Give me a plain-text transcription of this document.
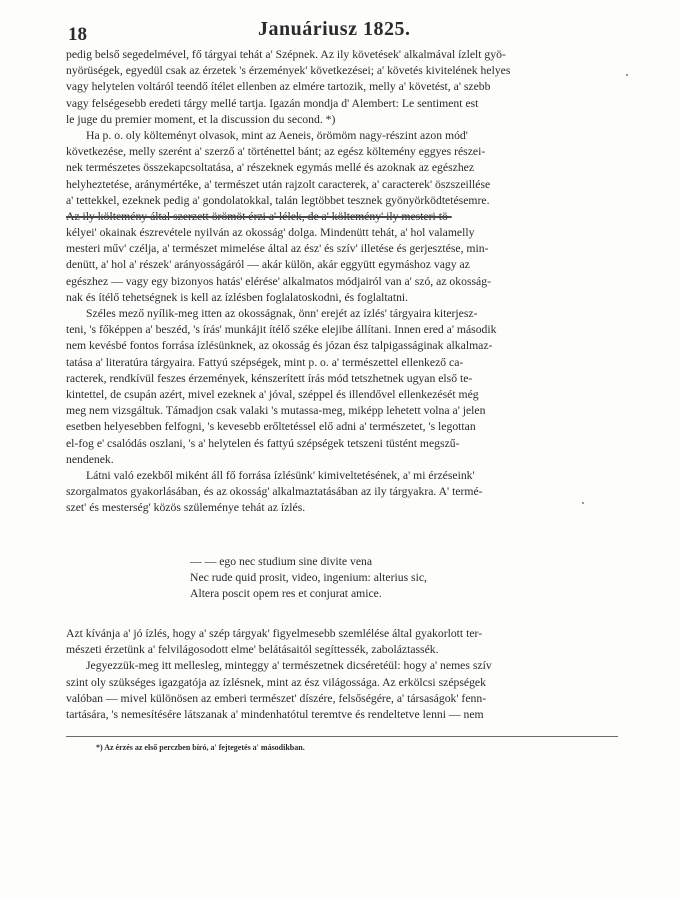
18	Januáriusz 1825.
pedig belső segedelmével, fő tárgyai tehát a' Szépnek. Az ily követések' alkalmával ízlelt gyö-
nyörüségek, egyedül csak az érzetek 's érzemények' következései; a' követés kivitelének helyes
vagy helytelen voltáról teendő ítélet ellenben az elmére tartozik, melly a' követést, a' szebb
vagy felségesebb eredeti tárgy mellé tartja. Igazán mondja d' Alembert: Le sentiment est
le juge du premier moment, et la discussion du second. *)
Ha p. o. oly költeményt olvasok, mint az Aeneis, örömöm nagy-részint azon mód'
következése, melly szerént a' szerző a' történettel bánt; az egész költemény eggyes részei-
nek természetes összekapcsoltatása, a' részeknek egymás mellé és azoknak az egészhez
helyheztetése, aránymértéke, a' természet után rajzolt caracterek, a' caracterek' öszszeillése
a' tettekkel, ezeknek pedig a' gondolatokkal, talán legtöbbet tesznek gyönyörködtetésemre.
Az ily költemény által szerzett örömöt érzi a' lélek, de a' költemény' ily mesteri tö-
kélyei' okainak észrevétele nyilván az okosság' dolga. Mindenütt tehát, a' hol valamelly
mesteri műv' czélja, a' természet mimelése által az ész' és szív' illetése és gerjesztése, min-
denütt, a' hol a' részek' arányosságáról — akár külön, akár eggyütt egymáshoz vagy az
egészhez — vagy egy bizonyos hatás' elérése' alkalmatos módjairól van a' szó, az okosság-
nak és ítélő tehetségnek is kell az ízlésben foglalatoskodni, és foglaltatni.
Széles mező nyílik-meg itten az okosságnak, önn' erejét az ízlés' tárgyaira kiterjesz-
teni, 's főképpen a' beszéd, 's írás' munkájit ítélő széke elejibe állítani. Innen ered a' második
nem kevésbé fontos forrása ízlésünknek, az okosság és józan ész talpigasságinak alkalmaz-
tatása a' literatúra tárgyaira. Fattyú szépségek, mint p. o. a' természettel ellenkező ca-
racterek, rendkívül feszes érzemények, kénszerített írás mód tetszhetnek ugyan első te-
kintettel, de csupán azért, mivel ezeknek a' jóval, széppel és illendővel ellenkezését még
meg nem vizsgáltuk. Támadjon csak valaki 's mutassa-meg, miképp lehetett volna a' jelen
esetben helyesebben felfogni, 's kevesebb erőltetéssel elő adni a' természetet, 's legottan
el-fog e' csalódás oszlani, 's a' helytelen és fattyú szépségek tetszeni tüstént megszű-
nendenek.
Látni való ezekből miként áll fő forrása ízlésünk' kimiveltetésének, a' mi érzéseink'
szorgalmatos gyakorlásában, és az okosság' alkalmaztatásában az ily tárgyakra. A' termé-
szet' és mesterség' közös szüleménye tehát az ízlés.
— — ego nec studium sine divite vena
Nec rude quid prosit, video, ingenium: alterius sic,
Altera poscit opem res et conjurat amice.
Azt kívánja a' jó ízlés, hogy a' szép tárgyak' figyelmesebb szemlélése által gyakorlott ter-
mészeti érzetünk a' felvilágosodott elme' belátásaitól segíttessék, zaboláztassék.
Jegyezzük-meg itt mellesleg, minteggy a' természetnek dicséretéül: hogy a' nemes szív
szint oly szükséges igazgatója az ízlésnek, mint az ész világossága. Az erkölcsi szépségek
valóban — mivel különösen az emberi természet' díszére, felsőségére, a' társaságok' fenn-
tartására, 's nemesítésére látszanak a' mindenhatótul teremtve és rendeltetve lenni — nem
*) Az érzés az első perczben bíró, a' fejtegetés a' másodikban.
